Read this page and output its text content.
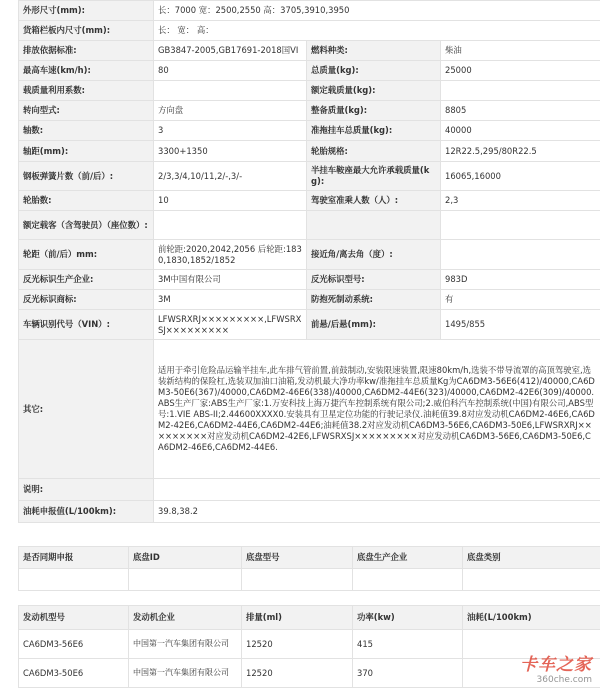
外形尺寸(mm):	长：7000 宽：2500,2550 高：3705,3910,3950		
货箱栏板内尺寸(mm):	长： 宽： 高：		
排放依据标准:	GB3847-2005,GB17691-2018国VI	燃料种类:	柴油
最高车速(km/h):	80	总质量(kg):	25000
载质量利用系数:		额定载质量(kg):	
转向型式:	方向盘	整备质量(kg):	8805
轴数:	3	准拖挂车总质量(kg):	40000
轴距(mm):	3300+1350	轮胎规格:	12R22.5,295/80R22.5
钢板弹簧片数（前/后）:	2/3,3/4,10/11,2/-,3/-	半挂车鞍座最大允许承载质量(kg):	16065,16000
轮胎数:	10	驾驶室准乘人数（人）:	2,3
额定载客（含驾驶员）（座位数）:			
轮距（前/后）mm:	前轮距:2020,2042,2056 后轮距:1830,1830,1852/1852	接近角/离去角（度）:	
反光标识生产企业:	3M中国有限公司	反光标识型号:	983D
反光标识商标:	3M	防抱死制动系统:	有
车辆识别代号（VIN）:	LFWSRXRJ×××××××××,LFWSRXSJ×××××××××	前悬/后悬(mm):	1495/855
其它:	适用于牵引危险品运输半挂车,此车排气管前置,前鼓制动,安装限速装置,限速80km/h,选装不带导流罩的高顶驾驶室,选装新结构的保险杠,选装双加油口油箱,发动机最大净功率kw/准拖挂车总质量Kg为CA6DM3-56E6(412)/40000,CA6DM3-50E6(367)/40000,CA6DM2-46E6(338)/40000,CA6DM2-44E6(323)/40000,CA6DM2-42E6(309)/40000.ABS生产厂家:ABS生产厂家:1.万安科技上海万捷汽车控制系统有限公司;2.威伯科汽车控制系统(中国)有限公司,ABS型号:1.VIE ABS-II;2.44600XXXX0.安装具有卫星定位功能的行驶记录仪.油耗值39.8对应发动机CA6DM2-46E6,CA6DM2-42E6,CA6DM2-44E6,CA6DM2-44E6;油耗值38.2对应发动机CA6DM3-56E6,CA6DM3-50E6,LFWSRXRJ×××××××××对应发动机CA6DM2-42E6,LFWSRXSJ×××××××××对应发动机CA6DM3-56E6,CA6DM3-50E6,CA6DM2-46E6,CA6DM2-44E6.		
说明:			
油耗申报值(L/100km):	39.8,38.2		
是否同期申报	底盘ID	底盘型号	底盘生产企业	底盘类别

发动机型号	发动机企业	排量(ml)	功率(kw)	油耗(L/100km)
CA6DM3-56E6	中国第一汽车集团有限公司	12520	415	
CA6DM3-50E6	中国第一汽车集团有限公司	12520	370		卡车之家
360che.com
